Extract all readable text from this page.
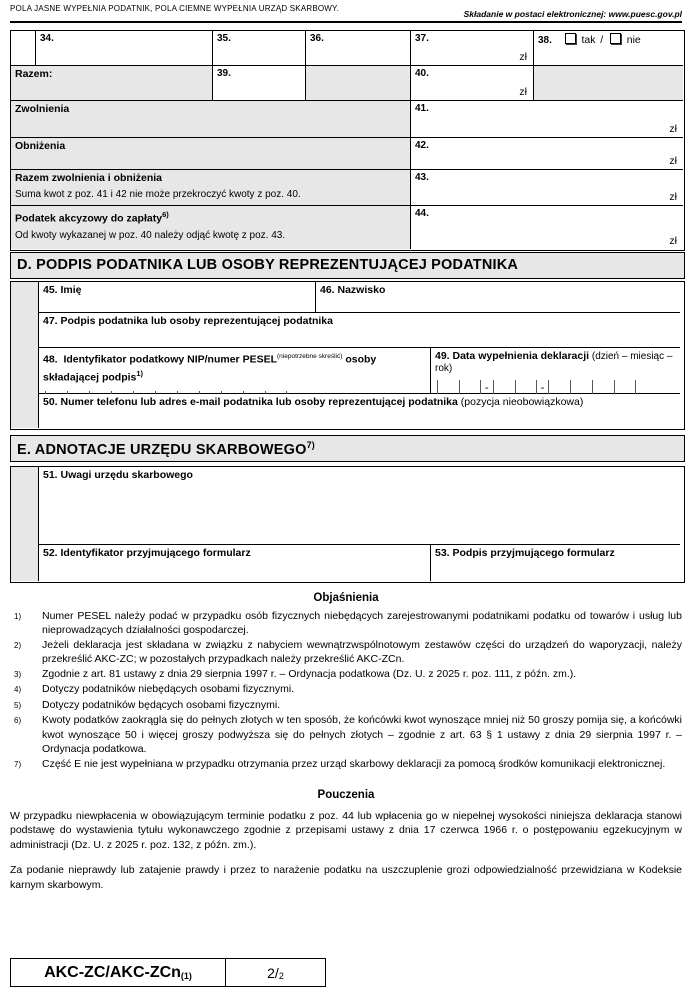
POLA JASNE WYPEŁNIA PODATNIK, POLA CIEMNE WYPEŁNIA URZĄD SKARBOWY.
Składanie w postaci elektronicznej: www.puesc.gov.pl
34.	35.	36.	37.
zł
38.	tak / nie
Razem:	39.	40.
zł
Zwolnienia	41.
zł
Obniżenia	42.
zł
Razem zwolnienia i obniżenia
Suma kwot z poz. 41 i 42 nie może przekroczyć kwoty z poz. 40.
43.
zł
Podatek akcyzowy do zapłaty$^{6)}$
Od kwoty wykazanej w poz. 40 należy odjąć kwotę z poz. 43.
44.
zł
D. PODPIS PODATNIKA LUB OSOBY REPREZENTUJĄCEJ PODATNIKA
45. Imię	46. Nazwisko
47. Podpis podatnika lub osoby reprezentującej podatnika
48. Identyfikator podatkowy NIP/numer $PESEL^{(niepotrzebne skreślić)}$ osoby składającej podpis$^{1)}$
49. Data wypełnienia deklaracji (dzień – miesiąc – rok)
-	-
50. Numer telefonu lub adres e-mail podatnika lub osoby reprezentującej podatnika (pozycja nieobowiązkowa)
E. ADNOTACJE URZĘDU SKARBOWEGO$^{7)}$
51. Uwagi urzędu skarbowego
52. Identyfikator przyjmującego formularz	53. Podpis przyjmującego formularz
Objaśnienia
1)	Numer PESEL należy podać w przypadku osób fizycznych niebędących zarejestrowanymi podatnikami podatku od towarów i usług lub nieprowadzących działalności gospodarczej.
2)	Jeżeli deklaracja jest składana w związku z nabyciem wewnątrzwspólnotowym zestawów części do urządzeń do waporyzacji, należy przekreślić AKC-ZC; w pozostałych przypadkach należy przekreślić AKC-ZCn.
3)	Zgodnie z art. 81 ustawy z dnia 29 sierpnia 1997 r. – Ordynacja podatkowa (Dz. U. z 2025 r. poz. 111, z późn. zm.).
4)	Dotyczy podatników niebędących osobami fizycznymi.
5)	Dotyczy podatników będących osobami fizycznymi.
6)	Kwoty podatków zaokrągla się do pełnych złotych w ten sposób, że końcówki kwot wynoszące mniej niż 50 groszy pomija się, a końcówki kwot wynoszące 50 i więcej groszy podwyższa się do pełnych złotych – zgodnie z art. 63 § 1 ustawy z dnia 29 sierpnia 1997 r. – Ordynacja podatkowa.
7)	Część E nie jest wypełniana w przypadku otrzymania przez urząd skarbowy deklaracji za pomocą środków komunikacji elektronicznej.
Pouczenia

W przypadku niewpłacenia w obowiązującym terminie podatku z poz. 44 lub wpłacenia go w niepełnej wysokości niniejsza deklaracja stanowi podstawę do wystawienia tytułu wykonawczego zgodnie z przepisami ustawy z dnia 17 czerwca 1966 r. o postępowaniu egzekucyjnym w administracji (Dz. U. z 2025 r. poz. 132, z późn. zm.).

Za podanie nieprawdy lub zatajenie prawdy i przez to narażenie podatku na uszczuplenie grozi odpowiedzialność przewidziana w Kodeksie karnym skarbowym.

AKC-ZC/AKC-ZCn (1)	2/ 2
